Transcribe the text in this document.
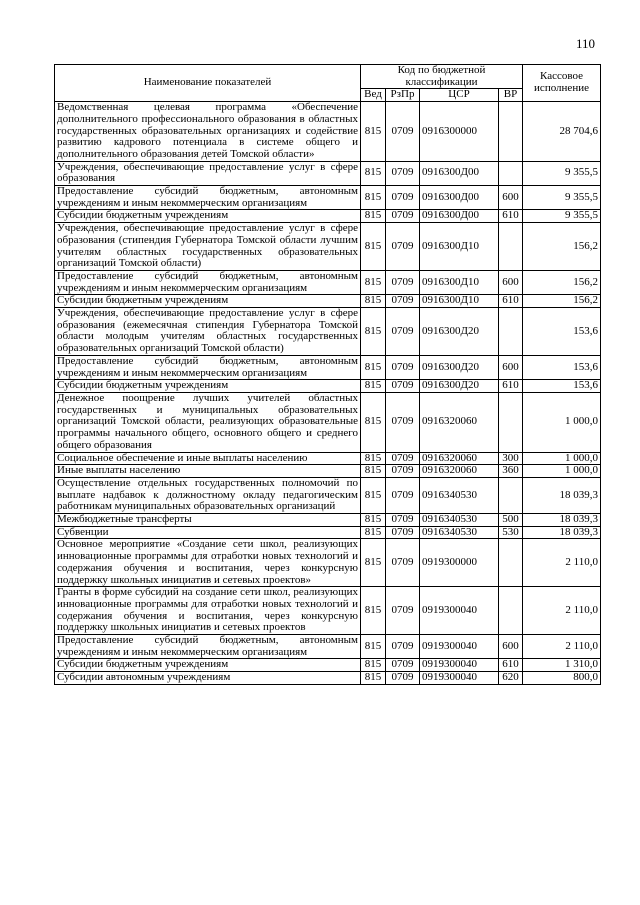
110
Наименование показателей	Код по бюджетной классификации				Кассовое исполнение
	Вед	РзПр	ЦСР	ВР	
Ведомственная целевая программа «Обеспечение дополнительного профессионального образования в областных государственных образовательных организациях и содействие развитию кадрового потенциала в системе общего и дополнительного образования детей Томской области»	815	0709	0916300000		28 704,6
Учреждения, обеспечивающие предоставление услуг в сфере образования	815	0709	0916300Д00		9 355,5
Предоставление субсидий бюджетным, автономным учреждениям и иным некоммерческим организациям	815	0709	0916300Д00	600	9 355,5
Субсидии бюджетным учреждениям	815	0709	0916300Д00	610	9 355,5
Учреждения, обеспечивающие предоставление услуг в сфере образования (стипендия Губернатора Томской области лучшим учителям областных государственных образовательных организаций Томской области)	815	0709	0916300Д10		156,2
Предоставление субсидий бюджетным, автономным учреждениям и иным некоммерческим организациям	815	0709	0916300Д10	600	156,2
Субсидии бюджетным учреждениям	815	0709	0916300Д10	610	156,2
Учреждения, обеспечивающие предоставление услуг в сфере образования (ежемесячная стипендия Губернатора Томской области молодым учителям областных государственных образовательных организаций Томской области)	815	0709	0916300Д20		153,6
Предоставление субсидий бюджетным, автономным учреждениям и иным некоммерческим организациям	815	0709	0916300Д20	600	153,6
Субсидии бюджетным учреждениям	815	0709	0916300Д20	610	153,6
Денежное поощрение лучших учителей областных государственных и муниципальных образовательных организаций Томской области, реализующих образовательные программы начального общего, основного общего и среднего общего образования	815	0709	0916320060		1 000,0
Социальное обеспечение и иные выплаты населению	815	0709	0916320060	300	1 000,0
Иные выплаты населению	815	0709	0916320060	360	1 000,0
Осуществление отдельных государственных полномочий по выплате надбавок к должностному окладу педагогическим работникам муниципальных образовательных организаций	815	0709	0916340530		18 039,3
Межбюджетные трансферты	815	0709	0916340530	500	18 039,3
Субвенции	815	0709	0916340530	530	18 039,3
Основное мероприятие «Создание сети школ, реализующих инновационные программы для отработки новых технологий и содержания обучения и воспитания, через конкурсную поддержку школьных инициатив и сетевых проектов»	815	0709	0919300000		2 110,0
Гранты в форме субсидий на создание сети школ, реализующих инновационные программы для отработки новых технологий и содержания обучения и воспитания, через конкурсную поддержку школьных инициатив и сетевых проектов	815	0709	0919300040		2 110,0
Предоставление субсидий бюджетным, автономным учреждениям и иным некоммерческим организациям	815	0709	0919300040	600	2 110,0
Субсидии бюджетным учреждениям	815	0709	0919300040	610	1 310,0
Субсидии автономным учреждениям	815	0709	0919300040	620	800,0
